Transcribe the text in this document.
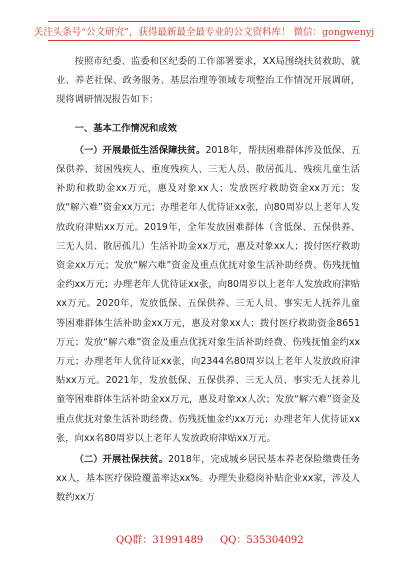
关注头条号“公文研究”，获得最新最全最专业的公文资料库！ 微信：gongwenyj

按照市纪委、监委和区纪委的工作部署要求，XX局围绕扶贫救助、就业、养老社保、政务服务、基层治理等领域专项整治工作情况开展调研，现将调研情况报告如下：

一、基本工作情况和成效

（一）开展最低生活保障扶贫。2018年，帮扶困难群体涉及低保、五保供养、贫困残疾人、重度残疾人、三无人员、散居孤儿、残疾儿童生活补助和救助金xx万元，惠及对象xx人；发放医疗救助资金xx万元；发放“解六难”资金xx万元；办理老年人优待证xx张，向80周岁以上老年人发放政府津贴xx万元。2019年，全年发放困难群体（含低保、五保供养、三无人员、散居孤儿）生活补助金xx万元，惠及对象xx人；拨付医疗救助资金xx万元；发放“解六难”资金及重点优抚对象生活补助经费、伤残抚恤金约xx万元；办理老年人优待证xx张，向80周岁以上老年人发放政府津贴xx万元。2020年，发放低保、五保供养、三无人员、事实无人抚养儿童等困难群体生活补助金xx万元，惠及对象xx人；拨付医疗救助资金8651万元；发放“解六难”资金及重点优抚对象生活补助经费、伤残抚恤金约xx万元；办理老年人优待证xx张，向2344名80周岁以上老年人发放政府津贴xx万元。2021年，发放低保、五保供养、三无人员、事实无人抚养儿童等困难群体生活补助金xx万元，惠及对象xx人次；发放“解六难”资金及重点优抚对象生活补助经费、伤残抚恤金约xx万元；办理老年人优待证xx张，向xx名80周岁以上老年人发放政府津贴xx万元。

（二）开展社保扶贫。2018年，完成城乡居民基本养老保险缴费任务xx人，基本医疗保险覆盖率达xx%。办理失业稳岗补贴企业xx家，涉及人数约xx万

QQ群：31991489 QQ：535304092
